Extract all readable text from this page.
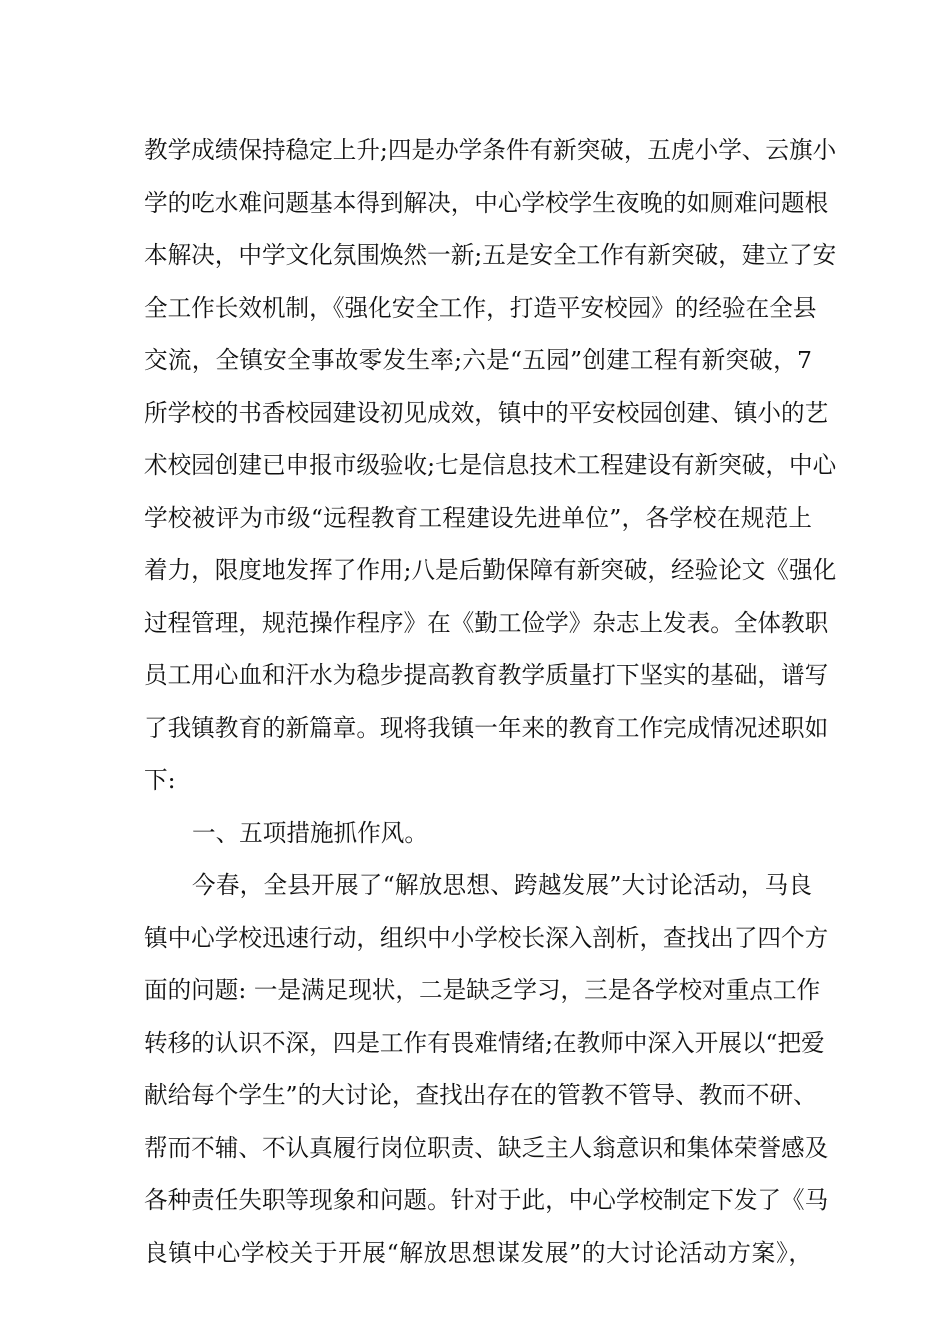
教学成绩保持稳定上升;四是办学条件有新突破，五虎小学、云旗小
学的吃水难问题基本得到解决，中心学校学生夜晚的如厕难问题根
本解决，中学文化氛围焕然一新;五是安全工作有新突破，建立了安
全工作长效机制，《强化安全工作，打造平安校园》的经验在全县
交流，全镇安全事故零发生率;六是“五园”创建工程有新突破，7
所学校的书香校园建设初见成效，镇中的平安校园创建、镇小的艺
术校园创建已申报市级验收;七是信息技术工程建设有新突破，中心
学校被评为市级“远程教育工程建设先进单位”，各学校在规范上
着力，限度地发挥了作用;八是后勤保障有新突破，经验论文《强化
过程管理，规范操作程序》在《勤工俭学》杂志上发表。全体教职
员工用心血和汗水为稳步提高教育教学质量打下坚实的基础，谱写
了我镇教育的新篇章。现将我镇一年来的教育工作完成情况述职如
下:
一、五项措施抓作风。
今春，全县开展了“解放思想、跨越发展”大讨论活动，马良
镇中心学校迅速行动，组织中小学校长深入剖析，查找出了四个方
面的问题: 一是满足现状，二是缺乏学习，三是各学校对重点工作
转移的认识不深，四是工作有畏难情绪;在教师中深入开展以“把爱
献给每个学生”的大讨论，查找出存在的管教不管导、教而不研、
帮而不辅、不认真履行岗位职责、缺乏主人翁意识和集体荣誉感及
各种责任失职等现象和问题。针对于此，中心学校制定下发了《马
良镇中心学校关于开展“解放思想谋发展”的大讨论活动方案》，
